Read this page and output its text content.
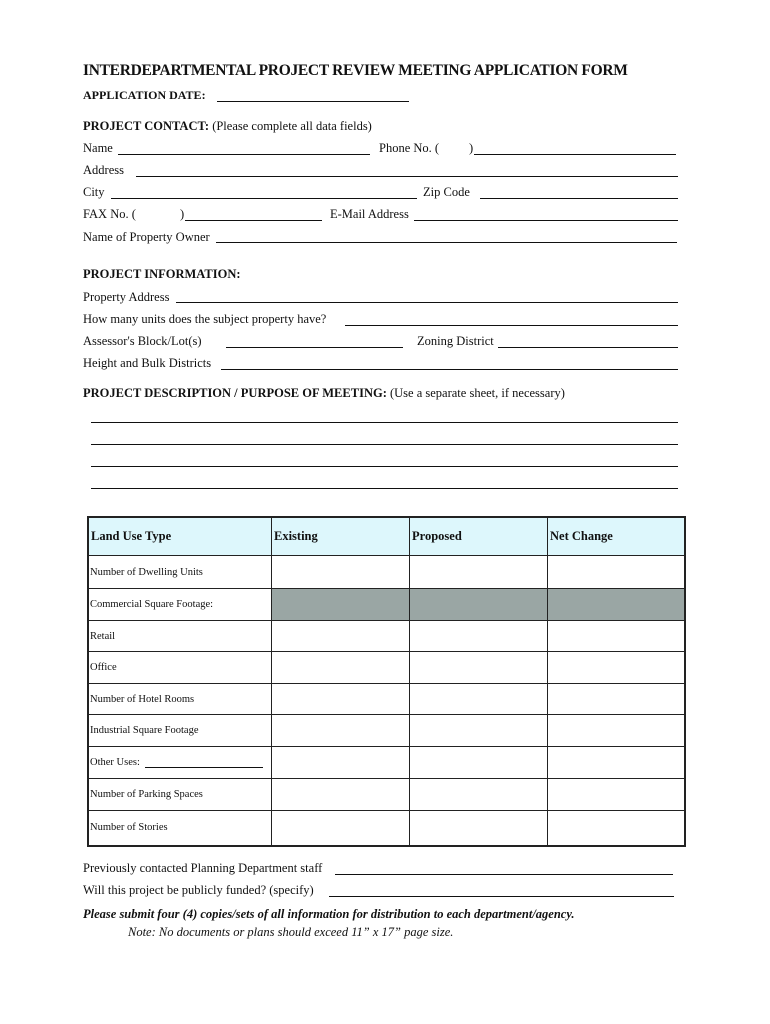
INTERDEPARTMENTAL PROJECT REVIEW MEETING APPLICATION FORM
APPLICATION DATE:
PROJECT CONTACT: (Please complete all data fields)
Name	Phone No. ( )
Address
City	Zip Code
FAX No. (	)	E-Mail Address
Name of Property Owner
PROJECT INFORMATION:
Property Address
How many units does the subject property have?
Assessor's Block/Lot(s)	Zoning District
Height and Bulk Districts
PROJECT DESCRIPTION / PURPOSE OF MEETING: (Use a separate sheet, if necessary)
Land Use Type	Existing	Proposed	Net Change
Number of Dwelling Units			
Commercial Square Footage:			
Retail			
Office			
Number of Hotel Rooms			
Industrial Square Footage			
Other Uses:			
Number of Parking Spaces			
Number of Stories			
Previously contacted Planning Department staff
Will this project be publicly funded? (specify)
Please submit four (4) copies/sets of all information for distribution to each department/agency.
Note: No documents or plans should exceed 11” x 17” page size.
